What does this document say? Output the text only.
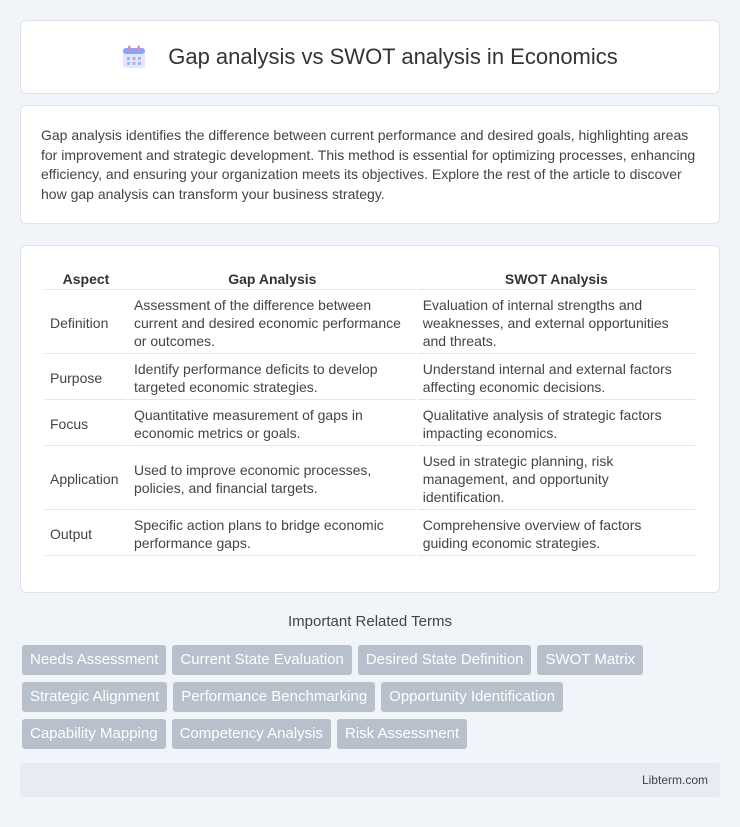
Gap analysis vs SWOT analysis in Economics

Gap analysis identifies the difference between current performance and desired goals, highlighting areas for improvement and strategic development. This method is essential for optimizing processes, enhancing efficiency, and ensuring your organization meets its objectives. Explore the rest of the article to discover how gap analysis can transform your business strategy.

Aspect	Gap Analysis	SWOT Analysis
Definition	Assessment of the difference between current and desired economic performance or outcomes.	Evaluation of internal strengths and weaknesses, and external opportunities and threats.
Purpose	Identify performance deficits to develop targeted economic strategies.	Understand internal and external factors affecting economic decisions.
Focus	Quantitative measurement of gaps in economic metrics or goals.	Qualitative analysis of strategic factors impacting economics.
Application	Used to improve economic processes, policies, and financial targets.	Used in strategic planning, risk management, and opportunity identification.
Output	Specific action plans to bridge economic performance gaps.	Comprehensive overview of factors guiding economic strategies.
Important Related Terms
Needs Assessment	Current State Evaluation	Desired State Definition	SWOT Matrix
Strategic Alignment	Performance Benchmarking	Opportunity Identification
Capability Mapping	Competency Analysis	Risk Assessment
Libterm.com
